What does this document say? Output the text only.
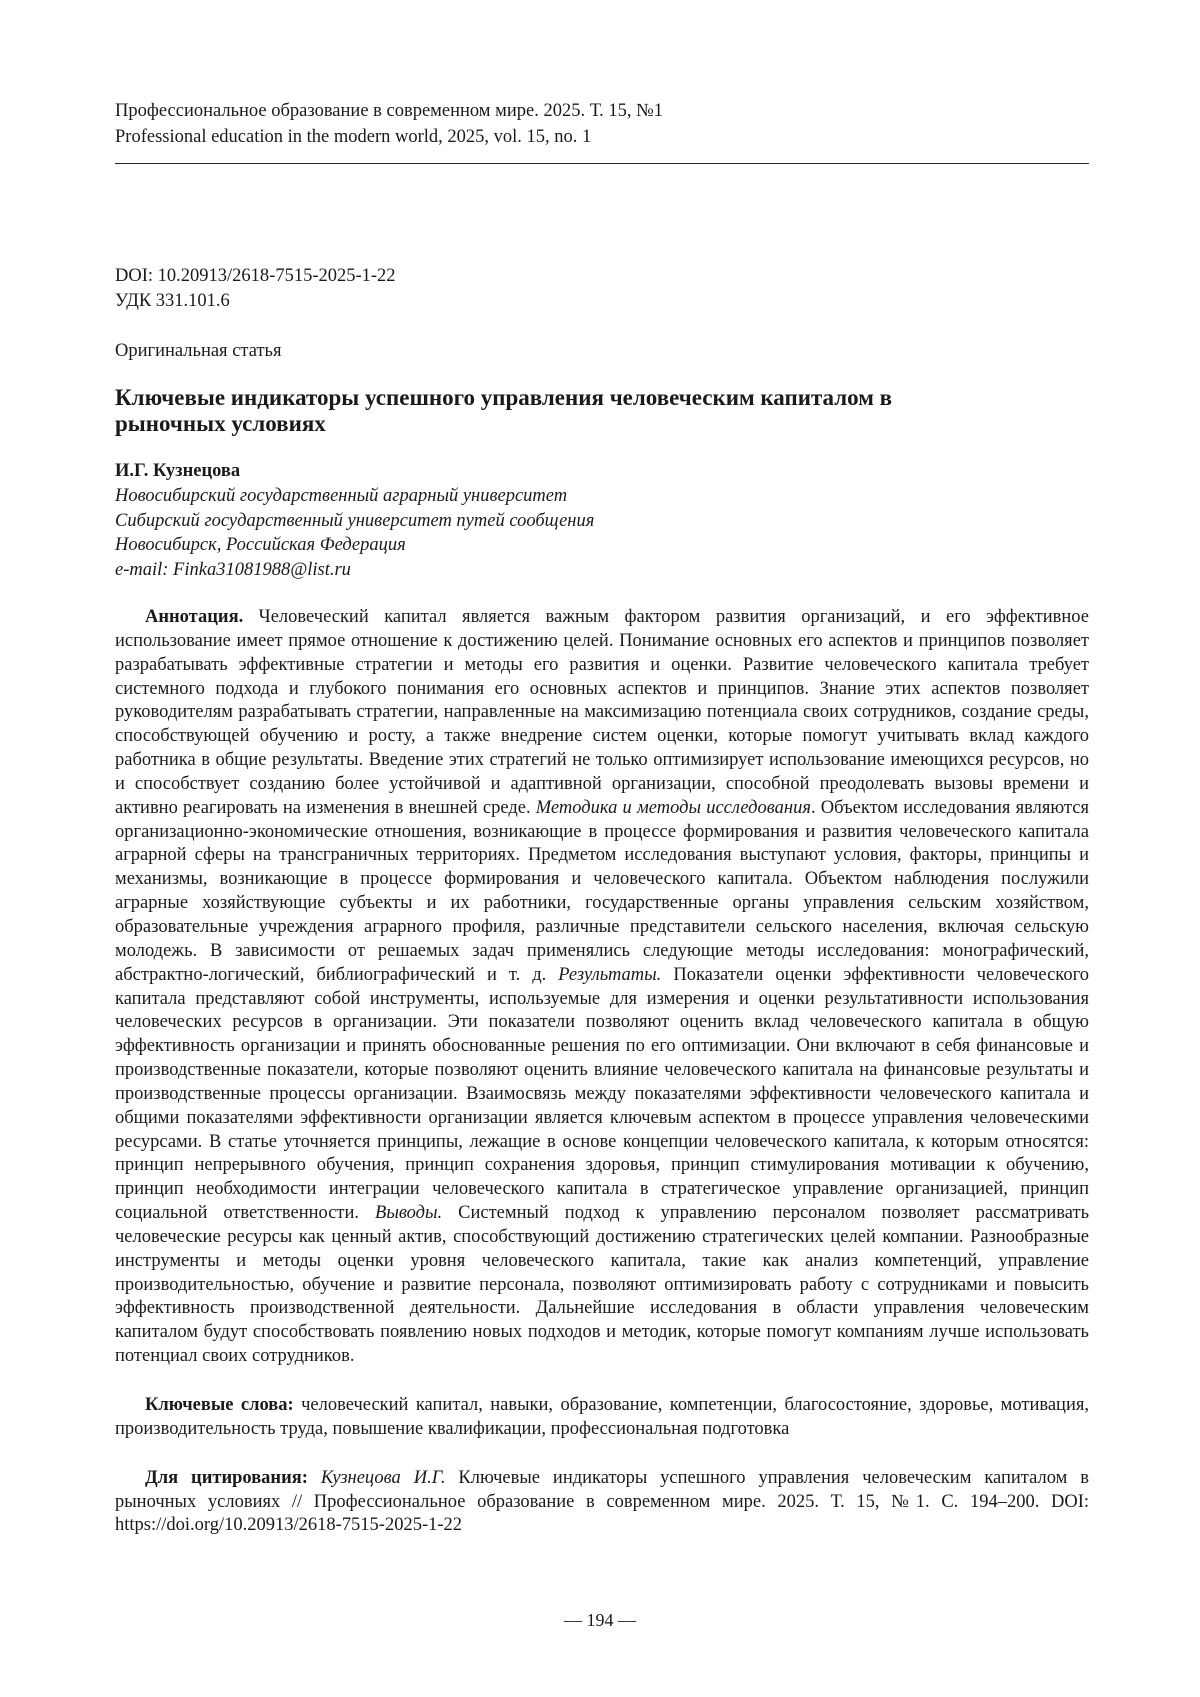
Профессиональное образование в современном мире. 2025. Т. 15, №1
Professional education in the modern world, 2025, vol. 15, no. 1
DOI: 10.20913/2618-7515-2025-1-22
УДК 331.101.6
Оригинальная статья
Ключевые индикаторы успешного управления человеческим капиталом в рыночных условиях
И.Г. Кузнецова
Новосибирский государственный аграрный университет
Сибирский государственный университет путей сообщения
Новосибирск, Российская Федерация
e-mail: Finka31081988@list.ru
Аннотация. Человеческий капитал является важным фактором развития организаций, и его эффективное использование имеет прямое отношение к достижению целей. Понимание основных его аспектов и принципов позволяет разрабатывать эффективные стратегии и методы его развития и оценки. Развитие человеческого капитала требует системного подхода и глубокого понимания его основных аспектов и принципов. Знание этих аспектов позволяет руководителям разрабатывать стратегии, направленные на максимизацию потенциала своих сотрудников, создание среды, способствующей обучению и росту, а также внедрение систем оценки, которые помогут учитывать вклад каждого работника в общие результаты. Введение этих стратегий не только оптимизирует использование имеющихся ресурсов, но и способствует созданию более устойчивой и адаптивной организации, способной преодолевать вызовы времени и активно реагировать на изменения в внешней среде. Методика и методы исследования. Объектом исследования являются организационно-экономические отношения, возникающие в процессе формирования и развития человеческого капитала аграрной сферы на трансграничных территориях. Предметом исследования выступают условия, факторы, принципы и механизмы, возникающие в процессе формирования и человеческого капитала. Объектом наблюдения послужили аграрные хозяйствующие субъекты и их работники, государственные органы управления сельским хозяйством, образовательные учреждения аграрного профиля, различные представители сельского населения, включая сельскую молодежь. В зависимости от решаемых задач применялись следующие методы исследования: монографический, абстрактно-логический, библиографический и т. д. Результаты. Показатели оценки эффективности человеческого капитала представляют собой инструменты, используемые для измерения и оценки результативности использования человеческих ресурсов в организации. Эти показатели позволяют оценить вклад человеческого капитала в общую эффективность организации и принять обоснованные решения по его оптимизации. Они включают в себя финансовые и производственные показатели, которые позволяют оценить влияние человеческого капитала на финансовые результаты и производственные процессы организации. Взаимосвязь между показателями эффективности человеческого капитала и общими показателями эффективности организации является ключевым аспектом в процессе управления человеческими ресурсами. В статье уточняется принципы, лежащие в основе концепции человеческого капитала, к которым относятся: принцип непрерывного обучения, принцип сохранения здоровья, принцип стимулирования мотивации к обучению, принцип необходимости интеграции человеческого капитала в стратегическое управление организацией, принцип социальной ответственности. Выводы. Системный подход к управлению персоналом позволяет рассматривать человеческие ресурсы как ценный актив, способствующий достижению стратегических целей компании. Разнообразные инструменты и методы оценки уровня человеческого капитала, такие как анализ компетенций, управление производительностью, обучение и развитие персонала, позволяют оптимизировать работу с сотрудниками и повысить эффективность производственной деятельности. Дальнейшие исследования в области управления человеческим капиталом будут способствовать появлению новых подходов и методик, которые помогут компаниям лучше использовать потенциал своих сотрудников.
Ключевые слова: человеческий капитал, навыки, образование, компетенции, благосостояние, здоровье, мотивация, производительность труда, повышение квалификации, профессиональная подготовка
Для цитирования: Кузнецова И.Г. Ключевые индикаторы успешного управления человеческим капиталом в рыночных условиях // Профессиональное образование в современном мире. 2025. Т. 15, №1. С. 194–200. DOI: https://doi.org/10.20913/2618-7515-2025-1-22
— 194 —
